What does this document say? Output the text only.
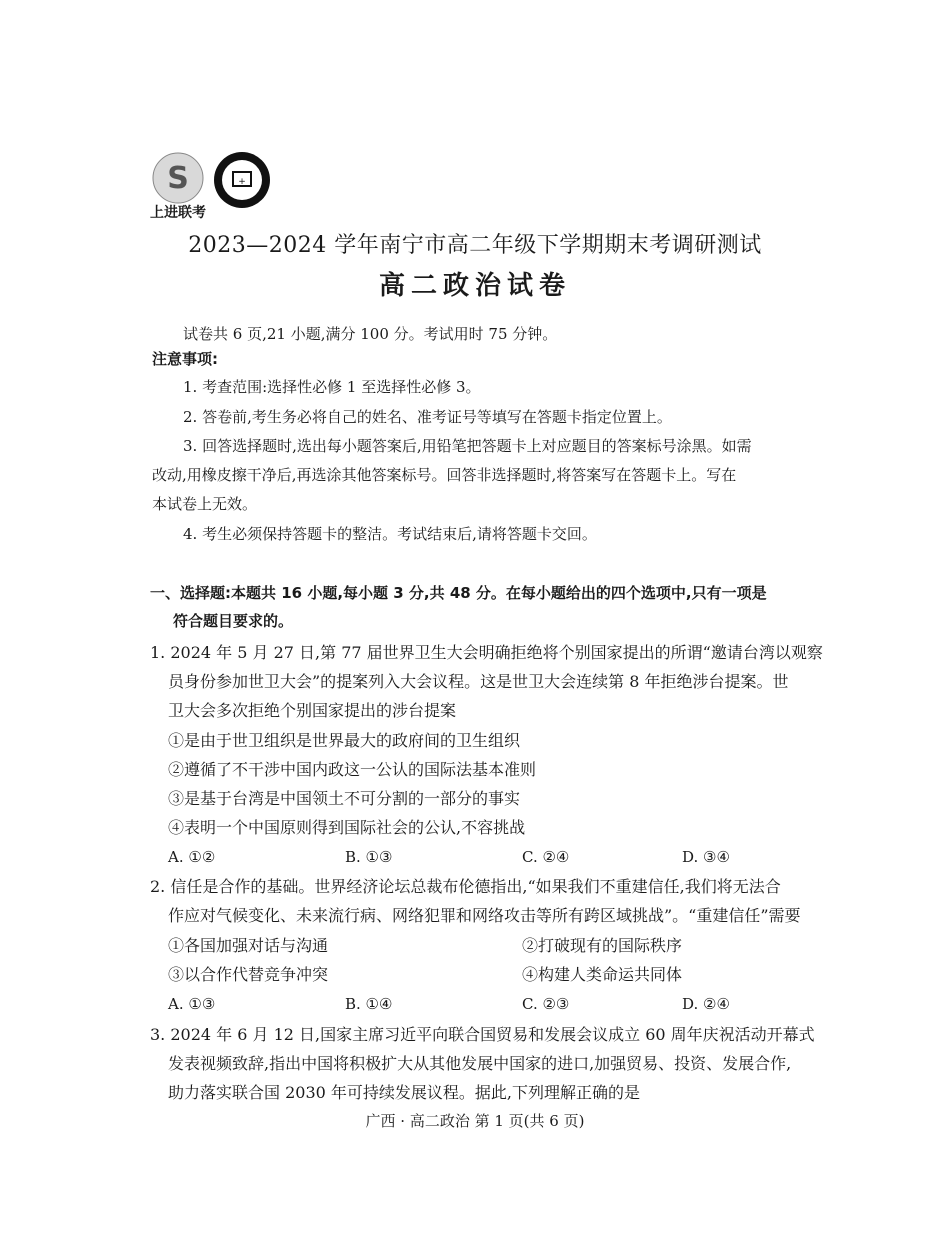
S	+
上进联考
2023—2024 学年南宁市高二年级下学期期末考调研测试
高二政治试卷
试卷共 6 页,21 小题,满分 100 分。考试用时 75 分钟。
注意事项:
1. 考查范围:选择性必修 1 至选择性必修 3。
2. 答卷前,考生务必将自己的姓名、准考证号等填写在答题卡指定位置上。
3. 回答选择题时,选出每小题答案后,用铅笔把答题卡上对应题目的答案标号涂黑。如需
改动,用橡皮擦干净后,再选涂其他答案标号。回答非选择题时,将答案写在答题卡上。写在
本试卷上无效。
4. 考生必须保持答题卡的整洁。考试结束后,请将答题卡交回。
一、选择题:本题共 16 小题,每小题 3 分,共 48 分。在每小题给出的四个选项中,只有一项是
符合题目要求的。
1. 2024 年 5 月 27 日,第 77 届世界卫生大会明确拒绝将个别国家提出的所谓“邀请台湾以观察
员身份参加世卫大会”的提案列入大会议程。这是世卫大会连续第 8 年拒绝涉台提案。世
卫大会多次拒绝个别国家提出的涉台提案
①是由于世卫组织是世界最大的政府间的卫生组织
②遵循了不干涉中国内政这一公认的国际法基本准则
③是基于台湾是中国领土不可分割的一部分的事实
④表明一个中国原则得到国际社会的公认,不容挑战
A. ①②	B. ①③	C. ②④	D. ③④
2. 信任是合作的基础。世界经济论坛总裁布伦德指出,“如果我们不重建信任,我们将无法合
作应对气候变化、未来流行病、网络犯罪和网络攻击等所有跨区域挑战”。“重建信任”需要
①各国加强对话与沟通	②打破现有的国际秩序
③以合作代替竞争冲突	④构建人类命运共同体
A. ①③	B. ①④	C. ②③	D. ②④
3. 2024 年 6 月 12 日,国家主席习近平向联合国贸易和发展会议成立 60 周年庆祝活动开幕式
发表视频致辞,指出中国将积极扩大从其他发展中国家的进口,加强贸易、投资、发展合作,
助力落实联合国 2030 年可持续发展议程。据此,下列理解正确的是
广西 · 高二政治 第 1 页(共 6 页)
